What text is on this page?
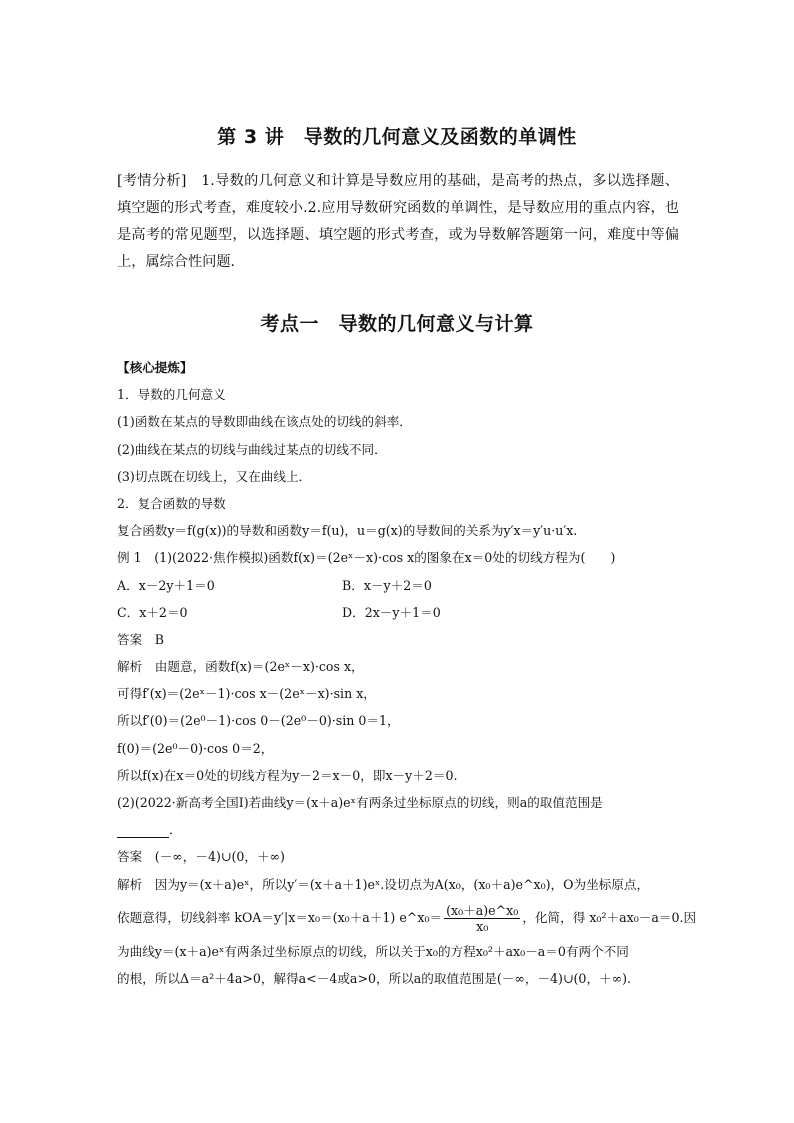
第 3 讲　导数的几何意义及函数的单调性
[考情分析]　1.导数的几何意义和计算是导数应用的基础，是高考的热点，多以选择题、填空题的形式考查，难度较小.2.应用导数研究函数的单调性，是导数应用的重点内容，也是高考的常见题型，以选择题、填空题的形式考查，或为导数解答题第一问，难度中等偏上，属综合性问题．
考点一　导数的几何意义与计算
【核心提炼】
1．导数的几何意义
(1)函数在某点的导数即曲线在该点处的切线的斜率．
(2)曲线在某点的切线与曲线过某点的切线不同．
(3)切点既在切线上，又在曲线上．
2．复合函数的导数
复合函数y＝f(g(x))的导数和函数y＝f(u)，u＝g(x)的导数间的关系为y′x＝y′u·u′x.
例 1　(1)(2022·焦作模拟)函数f(x)＝(2eˣ－x)·cos x的图象在x＝0处的切线方程为(　　)
A．x－2y＋1＝0	B．x－y＋2＝0
C．x＋2＝0	D．2x－y＋1＝0
答案　B
解析　由题意，函数f(x)＝(2eˣ－x)·cos x，
可得f′(x)＝(2eˣ－1)·cos x－(2eˣ－x)·sin x，
所以f′(0)＝(2e⁰－1)·cos 0－(2e⁰－0)·sin 0＝1，
f(0)＝(2e⁰－0)·cos 0＝2，
所以f(x)在x＝0处的切线方程为y－2＝x－0，即x－y＋2＝0.
(2)(2022·新高考全国Ⅰ)若曲线y＝(x＋a)eˣ有两条过坐标原点的切线，则a的取值范围是
．
答案　(－∞，－4)∪(0，＋∞)
解析　因为y＝(x＋a)eˣ，所以y′＝(x＋a＋1)eˣ.设切点为A(x₀，(x₀＋a)e^x₀)，O为坐标原点，
依题意得，切线斜率 kOA＝y′|x＝x₀＝(x₀＋a＋1) e^x₀＝ $\frac{\text{(x₀＋a)e\textasciicircum{}x₀}}{\text{x₀}}$ ，化简，得 x₀²＋ax₀－a＝0.因
为曲线y＝(x＋a)eˣ有两条过坐标原点的切线，所以关于x₀的方程x₀²＋ax₀－a＝0有两个不同
的根，所以Δ＝a²＋4a>0，解得a<－4或a>0，所以a的取值范围是(－∞，－4)∪(0，＋∞).
